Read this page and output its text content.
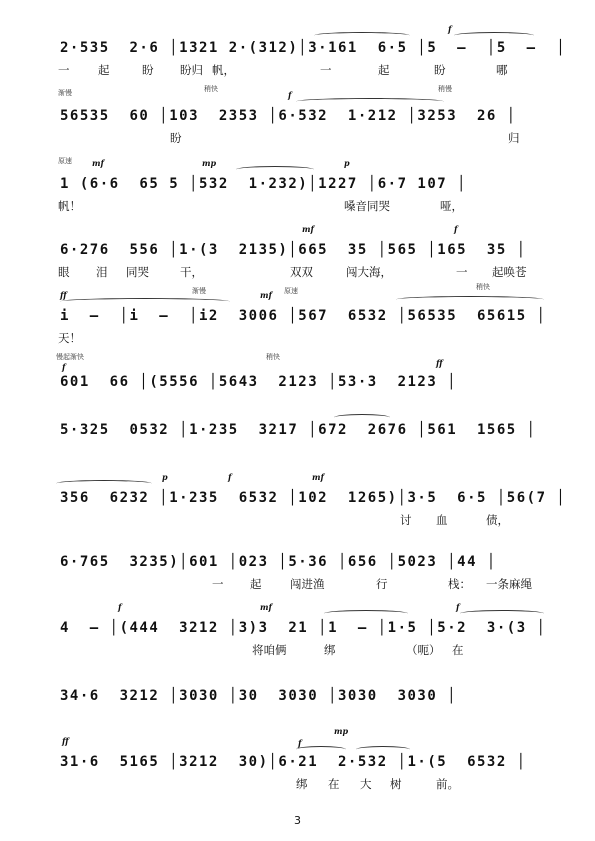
2·535  2·6 │1321 2·(312)│3·161  6·5 │5  –  │5  –  │
f
一 起	盼 盼归 帆，	一	起	盼	哪
渐慢	稍快	稍慢
f
56535  60 │103  2353 │6·532  1·212 │3253  26 │
盼	归
原速	mf	mp	p
1 (6·6  65 5 │532  1·232)│1227 │6·7 107 │
帆！	嗓音同哭	哑，
mf	f
6·276  556 │1·(3  2135)│665  35 │565 │165  35 │
眼 泪 同哭	干，	双双	闯大海，	一 起唤苍
ff	渐慢	mf 原速	稍快
i  –  │i  –  │i2  3006 │567  6532 │56535  65615 │
天！
慢起渐快	稍快
f	ff
601  66 │(5556 │5643  2123 │53·3  2123 │
5·325  0532 │1·235  3217 │672  2676 │561  1565 │
p	f	mf
356  6232 │1·235  6532 │102  1265)│3·5  6·5 │56(7 │
讨 血	债，
6·765  3235)│601 │023 │5·36 │656 │5023 │44 │
一 起 闯进渔	行	栈： 一条麻绳
f	mf	f
4  – │(444  3212 │3)3  21 │1  – │1·5 │5·2  3·(3 │
将咱俩	绑	（呃） 在
34·6  3212 │3030 │30  3030 │3030  3030 │
ff	f
mp
31·6  5165 │3212  30)│6·21  2·532 │1·(5  6532 │
绑 在 大 树	前。
3
